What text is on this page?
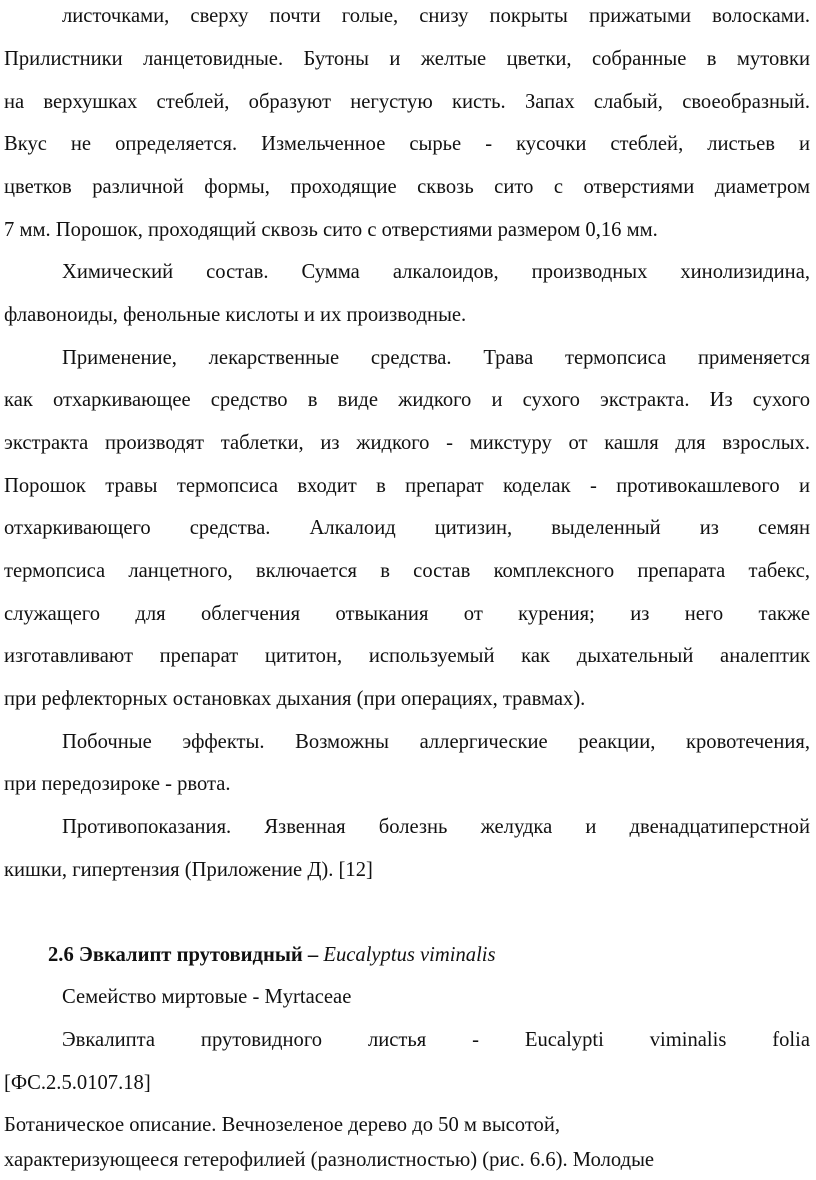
листочками, сверху почти голые, снизу покрыты прижатыми волосками.
Прилистники ланцетовидные. Бутоны и желтые цветки, собранные в мутовки
на верхушках стеблей, образуют негустую кисть. Запах слабый, своеобразный.
Вкус не определяется. Измельченное сырье - кусочки стеблей, листьев и
цветков различной формы, проходящие сквозь сито с отверстиями диаметром
7 мм. Порошок, проходящий сквозь сито с отверстиями размером 0,16 мм.
Химический состав. Сумма алкалоидов, производных хинолизидина,
флавоноиды, фенольные кислоты и их производные.
Применение, лекарственные средства. Трава термопсиса применяется
как отхаркивающее средство в виде жидкого и сухого экстракта. Из сухого
экстракта производят таблетки, из жидкого - микстуру от кашля для взрослых.
Порошок травы термопсиса входит в препарат коделак - противокашлевого и
отхаркивающего средства. Алкалоид цитизин, выделенный из семян
термопсиса ланцетного, включается в состав комплексного препарата табекс,
служащего для облегчения отвыкания от курения; из него также
изготавливают препарат цититон, используемый как дыхательный аналептик
при рефлекторных остановках дыхания (при операциях, травмах).
Побочные эффекты. Возможны аллергические реакции, кровотечения,
при передозироке - рвота.
Противопоказания. Язвенная болезнь желудка и двенадцатиперстной
кишки, гипертензия (Приложение Д). [12]
2.6 Эвкалипт прутовидный – Eucalyptus viminalis
Семейство миртовые - Myrtaceae
Эвкалипта прутовидного листья - Eucalypti viminalis folia
[ФС.2.5.0107.18]
Ботаническое описание. Вечнозеленое дерево до 50 м высотой,
характеризующееся гетерофилией (разнолистностью) (рис. 6.6). Молодые
